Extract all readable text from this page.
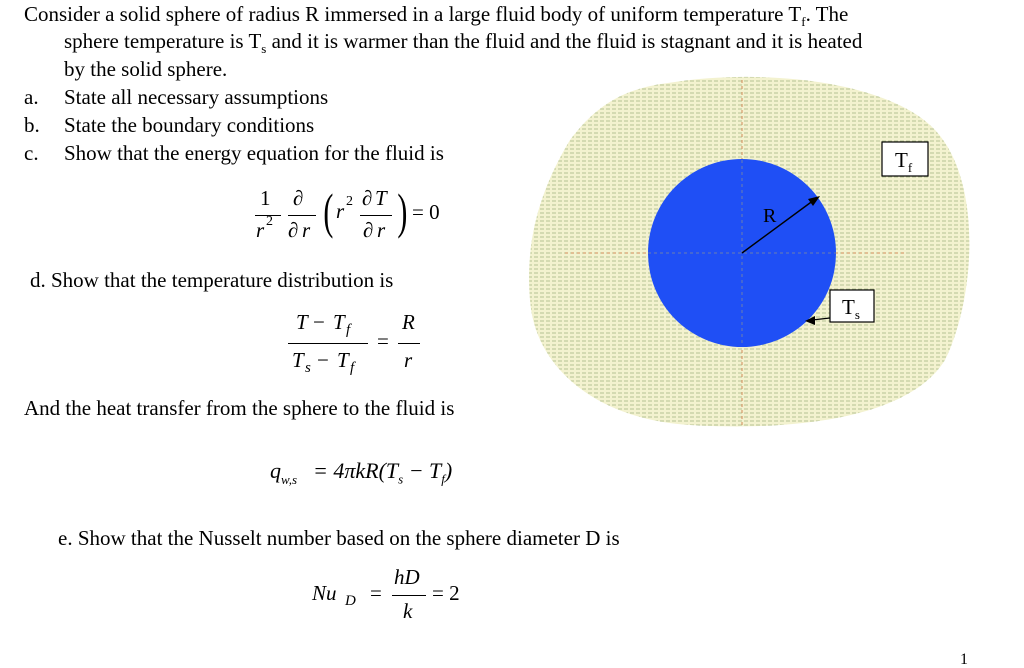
Consider a solid sphere of radius R immersed in a large fluid body of uniform temperature $T_f$. The
sphere temperature is $T_s$ and it is warmer than the fluid and the fluid is stagnant and it is heated
by the solid sphere.
a. State all necessary assumptions
b. State the boundary conditions
c. Show that the energy equation for the fluid is
1
r 2
∂
∂ r ( r 2 ∂ T
∂ r ) = 0
d. Show that the temperature distribution is
T − T f
T s − T f
=
R
r
And the heat transfer from the sphere to the fluid is
q $w,s = 4\pi kR(T_s - T_f)$
e. Show that the Nusselt number based on the sphere diameter D is
Nu D =
hD
k
= 2
R
$T_f$
$T_s$
1
